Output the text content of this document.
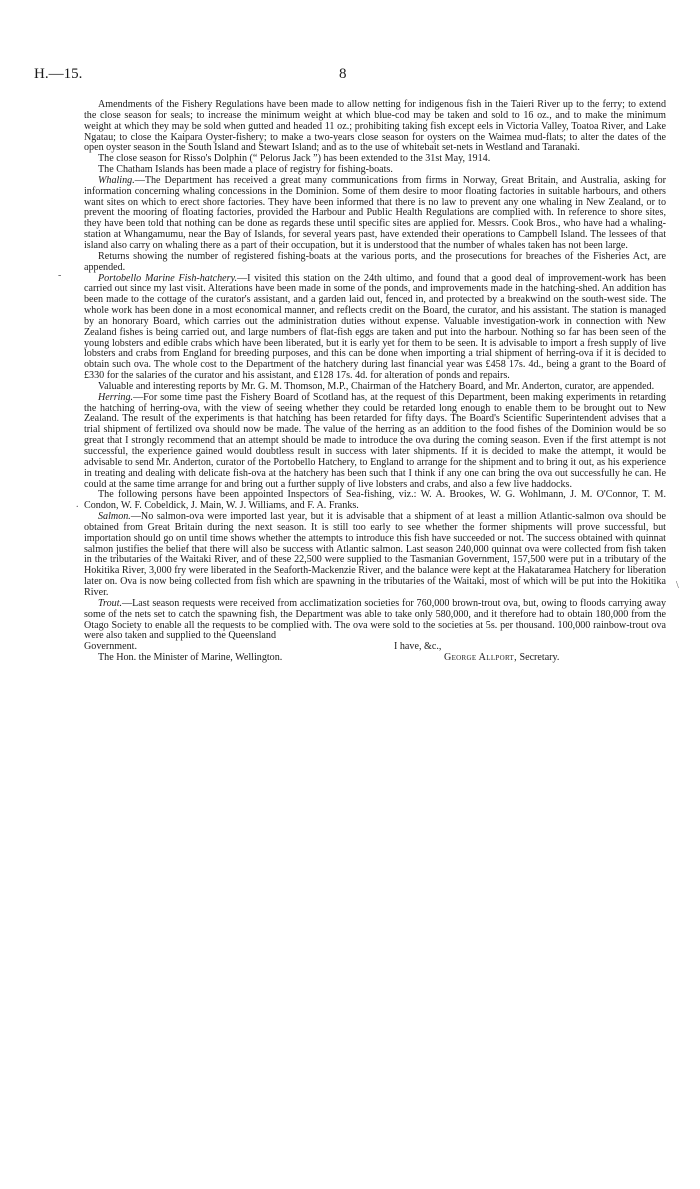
H.—15.	8

Amendments of the Fishery Regulations have been made to allow netting for indigenous fish in the Taieri River up to the ferry; to extend the close season for seals; to increase the minimum weight at which blue-cod may be taken and sold to 16 oz., and to make the minimum weight at which they may be sold when gutted and headed 11 oz.; prohibiting taking fish except eels in Victoria Valley, Toatoa River, and Lake Ngatau; to close the Kaipara Oyster-fishery; to make a two-years close season for oysters on the Waimea mud-flats; to alter the dates of the open oyster season in the South Island and Stewart Island; and as to the use of whitebait set-nets in Westland and Taranaki.

The close season for Risso's Dolphin (“ Pelorus Jack ”) has been extended to the 31st May, 1914.

The Chatham Islands has been made a place of registry for fishing-boats.

Whaling.—The Department has received a great many communications from firms in Norway, Great Britain, and Australia, asking for information concerning whaling concessions in the Dominion. Some of them desire to moor floating factories in suitable harbours, and others want sites on which to erect shore factories. They have been informed that there is no law to prevent any one whaling in New Zealand, or to prevent the mooring of floating factories, provided the Harbour and Public Health Regulations are complied with. In reference to shore sites, they have been told that nothing can be done as regards these until specific sites are applied for. Messrs. Cook Bros., who have had a whaling-station at Whangamumu, near the Bay of Islands, for several years past, have extended their operations to Campbell Island. The lessees of that island also carry on whaling there as a part of their occupation, but it is understood that the number of whales taken has not been large.

Returns showing the number of registered fishing-boats at the various ports, and the prosecutions for breaches of the Fisheries Act, are appended.

Portobello Marine Fish-hatchery.—I visited this station on the 24th ultimo, and found that a good deal of improvement-work has been carried out since my last visit. Alterations have been made in some of the ponds, and improvements made in the hatching-shed. An addition has been made to the cottage of the curator's assistant, and a garden laid out, fenced in, and protected by a breakwind on the south-west side. The whole work has been done in a most economical manner, and reflects credit on the Board, the curator, and his assistant. The station is managed by an honorary Board, which carries out the administration duties without expense. Valuable investigation-work in connection with New Zealand fishes is being carried out, and large numbers of flat-fish eggs are taken and put into the harbour. Nothing so far has been seen of the young lobsters and edible crabs which have been liberated, but it is early yet for them to be seen. It is advisable to import a fresh supply of live lobsters and crabs from England for breeding purposes, and this can be done when importing a trial shipment of herring-ova if it is decided to obtain such ova. The whole cost to the Department of the hatchery during last financial year was £458 17s. 4d., being a grant to the Board of £330 for the salaries of the curator and his assistant, and £128 17s. 4d. for alteration of ponds and repairs.

Valuable and interesting reports by Mr. G. M. Thomson, M.P., Chairman of the Hatchery Board, and Mr. Anderton, curator, are appended.

Herring.—For some time past the Fishery Board of Scotland has, at the request of this Department, been making experiments in retarding the hatching of herring-ova, with the view of seeing whether they could be retarded long enough to enable them to be brought out to New Zealand. The result of the experiments is that hatching has been retarded for fifty days. The Board's Scientific Superintendent advises that a trial shipment of fertilized ova should now be made. The value of the herring as an addition to the food fishes of the Dominion would be so great that I strongly recommend that an attempt should be made to introduce the ova during the coming season. Even if the first attempt is not successful, the experience gained would doubtless result in success with later shipments. If it is decided to make the attempt, it would be advisable to send Mr. Anderton, curator of the Portobello Hatchery, to England to arrange for the shipment and to bring it out, as his experience in treating and dealing with delicate fish-ova at the hatchery has been such that I think if any one can bring the ova out successfully he can. He could at the same time arrange for and bring out a further supply of live lobsters and crabs, and also a few live haddocks.

The following persons have been appointed Inspectors of Sea-fishing, viz.: W. A. Brookes, W. G. Wohlmann, J. M. O'Connor, T. M. Condon, W. F. Cobeldick, J. Main, W. J. Williams, and F. A. Franks.

Salmon.—No salmon-ova were imported last year, but it is advisable that a shipment of at least a million Atlantic-salmon ova should be obtained from Great Britain during the next season. It is still too early to see whether the former shipments will prove successful, but importation should go on until time shows whether the attempts to introduce this fish have succeeded or not. The success obtained with quinnat salmon justifies the belief that there will also be success with Atlantic salmon. Last season 240,000 quinnat ova were collected from fish taken in the tributaries of the Waitaki River, and of these 22,500 were supplied to the Tasmanian Government, 157,500 were put in a tributary of the Hokitika River, 3,000 fry were liberated in the Seaforth-Mackenzie River, and the balance were kept at the Hakataramea Hatchery for liberation later on. Ova is now being collected from fish which are spawning in the tributaries of the Waitaki, most of which will be put into the Hokitika River.

Trout.—Last season requests were received from acclimatization societies for 760,000 brown-trout ova, but, owing to floods carrying away some of the nets set to catch the spawning fish, the Department was able to take only 580,000, and it therefore had to obtain 180,000 from the Otago Society to enable all the requests to be complied with. The ova were sold to the societies at 5s. per thousand. 100,000 rainbow-trout ova were also taken and supplied to the Queensland

Government.	I have, &c.,
The Hon. the Minister of Marine, Wellington.	George Allport, Secretary.
-
.
\
